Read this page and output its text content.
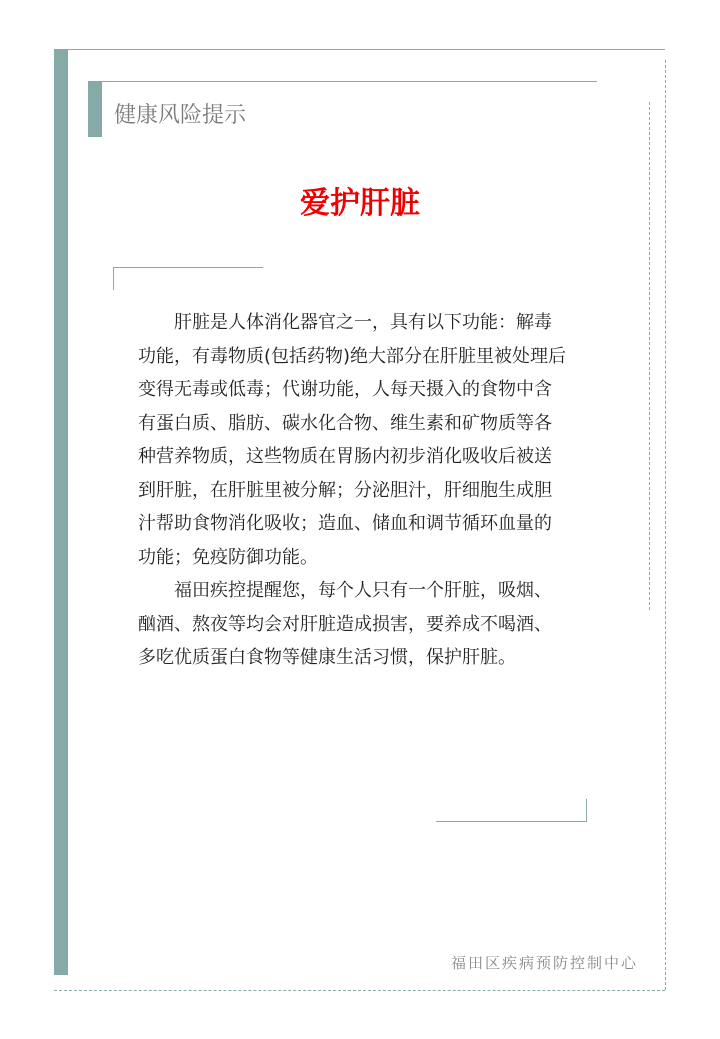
健康风险提示
爱护肝脏
　　肝脏是人体消化器官之一，具有以下功能：解毒
功能，有毒物质(包括药物)绝大部分在肝脏里被处理后
变得无毒或低毒；代谢功能，人每天摄入的食物中含
有蛋白质、脂肪、碳水化合物、维生素和矿物质等各
种营养物质，这些物质在胃肠内初步消化吸收后被送
到肝脏，在肝脏里被分解；分泌胆汁，肝细胞生成胆
汁帮助食物消化吸收；造血、储血和调节循环血量的
功能；免疫防御功能。
　　福田疾控提醒您，每个人只有一个肝脏，吸烟、
酗酒、熬夜等均会对肝脏造成损害，要养成不喝酒、
多吃优质蛋白食物等健康生活习惯，保护肝脏。
福田区疾病预防控制中心
